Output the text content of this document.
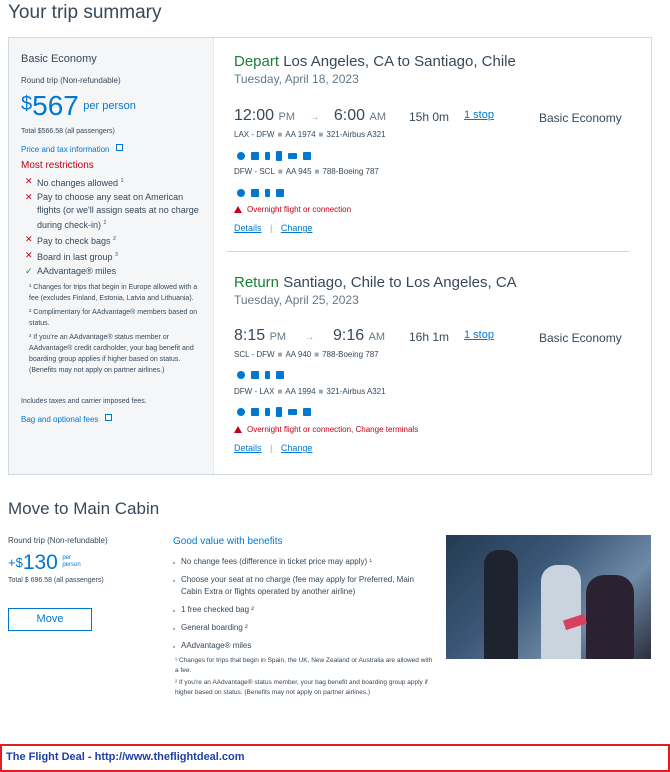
Your trip summary
Basic Economy
Round trip (Non-refundable)
$567 $^{per person}$
Total $566.58 (all passengers)
Price and tax information
Most restrictions
✕ No changes allowed $^1$
✕ Pay to choose any seat on American flights (or we'll assign seats at no charge during check-in) $^2$
✕ Pay to check bags $^2$
✕ Board in last group $^3$
✓ AAdvantage® miles
¹ Changes for trips that begin in Europe allowed with a fee (excludes Finland, Estonia, Latvia and Lithuania).
² Complimentary for AAdvantage® members based on status.
³ If you're an AAdvantage® status member or AAdvantage® credit cardholder, your bag benefit and boarding group applies if higher based on status. (Benefits may not apply on partner airlines.)
Includes taxes and carrier imposed fees.
Bag and optional fees
Depart Los Angeles, CA to Santiago, Chile
Tuesday, April 18, 2023
12:00 PM → 6:00 AM 15h 0m 1 stop	Basic Economy
LAX - DFW ■ AA 1974 ■ 321-Airbus A321
DFW - SCL ■ AA 945 ■ 788-Boeing 787
Overnight flight or connection
Details | Change
Return Santiago, Chile to Los Angeles, CA
Tuesday, April 25, 2023
8:15 PM → 9:16 AM 16h 1m 1 stop	Basic Economy
SCL - DFW ■ AA 940 ■ 788-Boeing 787
DFW - LAX ■ AA 1994 ■ 321-Airbus A321
Overnight flight or connection, Change terminals
Details | Change
Move to Main Cabin
Round trip (Non-refundable)
+$130 per person
Total $ 696.58 (all passengers)
Move
Good value with benefits
■ No change fees (difference in ticket price may apply) ¹
■ Choose your seat at no charge (fee may apply for Preferred, Main Cabin Extra or flights operated by another airline)
■ 1 free checked bag ²
■ General boarding ²
■ AAdvantage® miles
¹ Changes for trips that begin in Spain, the UK, New Zealand or Australia are allowed with a fee.
² If you're an AAdvantage® status member, your bag benefit and boarding group apply if higher based on status. (Benefits may not apply on partner airlines.)
The Flight Deal - http://www.theflightdeal.com
